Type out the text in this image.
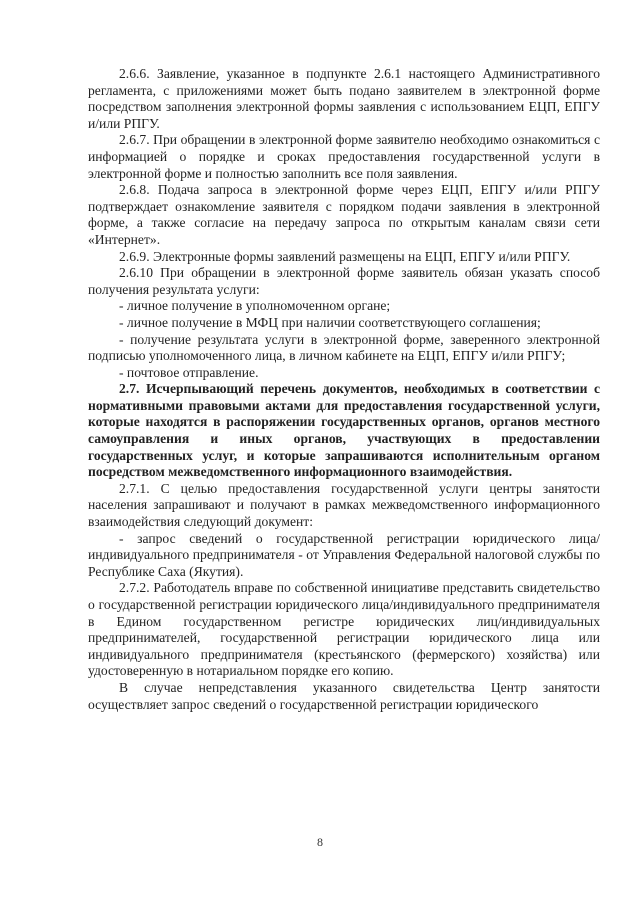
2.6.6. Заявление, указанное в подпункте 2.6.1 настоящего Административного регламента, с приложениями может быть подано заявителем в электронной форме посредством заполнения электронной формы заявления с использованием ЕЦП, ЕПГУ и/или РПГУ.

2.6.7. При обращении в электронной форме заявителю необходимо ознакомиться с информацией о порядке и сроках предоставления государственной услуги в электронной форме и полностью заполнить все поля заявления.

2.6.8. Подача запроса в электронной форме через ЕЦП, ЕПГУ и/или РПГУ подтверждает ознакомление заявителя с порядком подачи заявления в электронной форме, а также согласие на передачу запроса по открытым каналам связи сети «Интернет».

2.6.9. Электронные формы заявлений размещены на ЕЦП, ЕПГУ и/или РПГУ.

2.6.10 При обращении в электронной форме заявитель обязан указать способ получения результата услуги:

- личное получение в уполномоченном органе;

- личное получение в МФЦ при наличии соответствующего соглашения;

- получение результата услуги в электронной форме, заверенного электронной подписью уполномоченного лица, в личном кабинете на ЕЦП, ЕПГУ и/или РПГУ;

- почтовое отправление.

2.7. Исчерпывающий перечень документов, необходимых в соответствии с нормативными правовыми актами для предоставления государственной услуги, которые находятся в распоряжении государственных органов, органов местного самоуправления и иных органов, участвующих в предоставлении государственных услуг, и которые запрашиваются исполнительным органом посредством межведомственного информационного взаимодействия.

2.7.1. С целью предоставления государственной услуги центры занятости населения запрашивают и получают в рамках межведомственного информационного взаимодействия следующий документ:

- запрос сведений о государственной регистрации юридического лица/индивидуального предпринимателя - от Управления Федеральной налоговой службы по Республике Саха (Якутия).

2.7.2. Работодатель вправе по собственной инициативе представить свидетельство о государственной регистрации юридического лица/индивидуального предпринимателя в Едином государственном регистре юридических лиц/индивидуальных предпринимателей, государственной регистрации юридического лица или индивидуального предпринимателя (крестьянского (фермерского) хозяйства) или удостоверенную в нотариальном порядке его копию.

В случае непредставления указанного свидетельства Центр занятости осуществляет запрос сведений о государственной регистрации юридического

8
